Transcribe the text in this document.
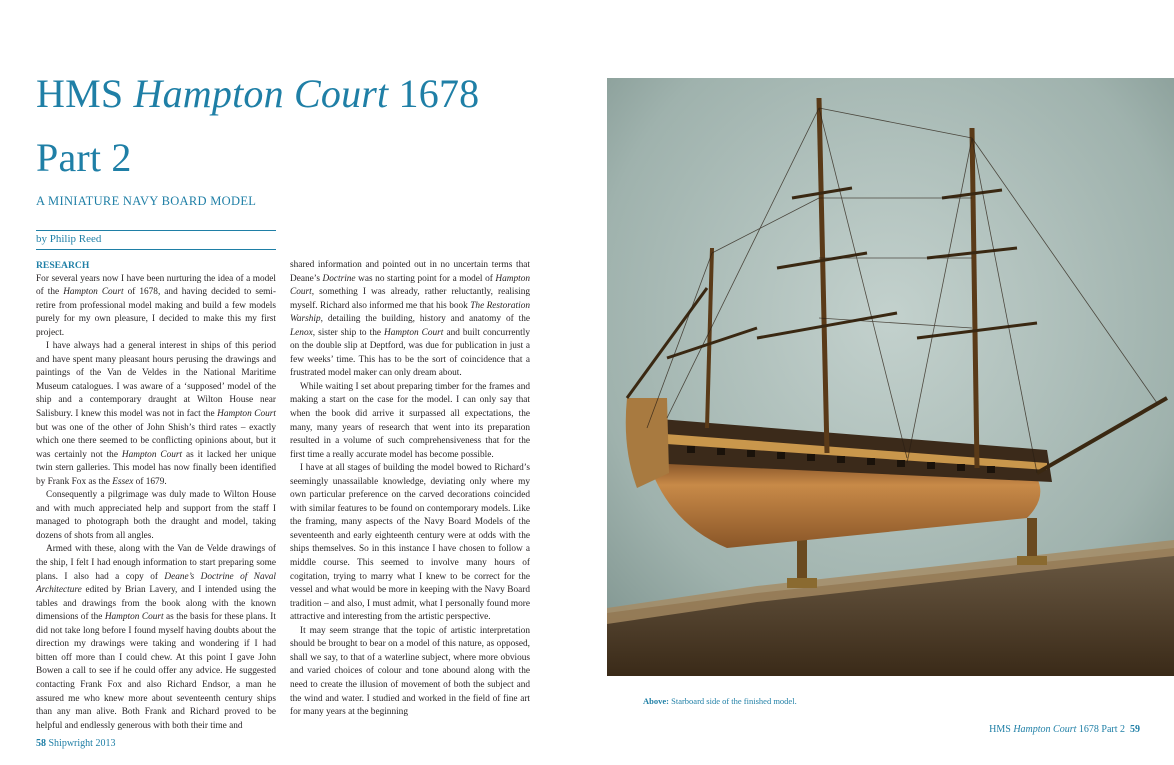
HMS Hampton Court 1678
Part 2
A MINIATURE NAVY BOARD MODEL
by Philip Reed
RESEARCH

For several years now I have been nurturing the idea of a model of the Hampton Court of 1678, and having decided to semi-retire from professional model making and build a few models purely for my own pleasure, I decided to make this my first project.

I have always had a general interest in ships of this period and have spent many pleasant hours perusing the drawings and paintings of the Van de Veldes in the National Maritime Museum catalogues. I was aware of a ‘supposed’ model of the ship and a contemporary draught at Wilton House near Salisbury. I knew this model was not in fact the Hampton Court but was one of the other of John Shish’s third rates – exactly which one there seemed to be conflicting opinions about, but it was certainly not the Hampton Court as it lacked her unique twin stern galleries. This model has now finally been identified by Frank Fox as the Essex of 1679.

Consequently a pilgrimage was duly made to Wilton House and with much appreciated help and support from the staff I managed to photograph both the draught and model, taking dozens of shots from all angles.

Armed with these, along with the Van de Velde drawings of the ship, I felt I had enough information to start preparing some plans. I also had a copy of Deane’s Doctrine of Naval Architecture edited by Brian Lavery, and I intended using the tables and drawings from the book along with the known dimensions of the Hampton Court as the basis for these plans. It did not take long before I found myself having doubts about the direction my drawings were taking and wondering if I had bitten off more than I could chew. At this point I gave John Bowen a call to see if he could offer any advice. He suggested contacting Frank Fox and also Richard Endsor, a man he assured me who knew more about seventeenth century ships than any man alive. Both Frank and Richard proved to be helpful and endlessly generous with both their time and

shared information and pointed out in no uncertain terms that Deane’s Doctrine was no starting point for a model of Hampton Court, something I was already, rather reluctantly, realising myself. Richard also informed me that his book The Restoration Warship, detailing the building, history and anatomy of the Lenox, sister ship to the Hampton Court and built concurrently on the double slip at Deptford, was due for publication in just a few weeks’ time. This has to be the sort of coincidence that a frustrated model maker can only dream about.

While waiting I set about preparing timber for the frames and making a start on the case for the model. I can only say that when the book did arrive it surpassed all expectations, the many, many years of research that went into its preparation resulted in a volume of such comprehensiveness that for the first time a really accurate model has become possible.

I have at all stages of building the model bowed to Richard’s seemingly unassailable knowledge, deviating only where my own particular preference on the carved decorations coincided with similar features to be found on contemporary models. Like the framing, many aspects of the Navy Board Models of the seventeenth and early eighteenth century were at odds with the ships themselves. So in this instance I have chosen to follow a middle course. This seemed to involve many hours of cogitation, trying to marry what I knew to be correct for the vessel and what would be more in keeping with the Navy Board tradition – and also, I must admit, what I personally found more attractive and interesting from the artistic perspective.

It may seem strange that the topic of artistic interpretation should be brought to bear on a model of this nature, as opposed, shall we say, to that of a waterline subject, where more obvious and varied choices of colour and tone abound along with the need to create the illusion of movement of both the subject and the wind and water. I studied and worked in the field of fine art for many years at the beginning

Above: Starboard side of the finished model.
58 Shipwright 2013
HMS Hampton Court 1678 Part 2 59
